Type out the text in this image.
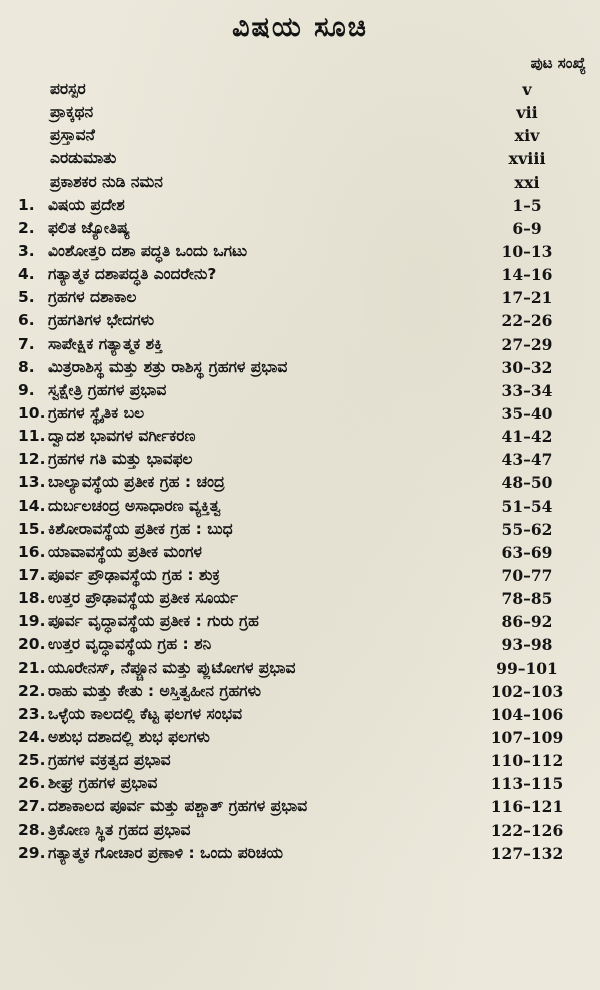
ವಿಷಯ ಸೂಚಿ
ಪುಟ ಸಂಖ್ಯೆ
ಪರಸ್ಪರ	v
ಪ್ರಾಕ್ಕಥನ	vii
ಪ್ರಸ್ತಾವನೆ	xiv
ಎರಡುಮಾತು	xviii
ಪ್ರಕಾಶಕರ ನುಡಿ ನಮನ	xxi
1. ವಿಷಯ ಪ್ರದೇಶ	1–5
2. ಫಲಿತ ಜ್ಯೋತಿಷ್ಯ	6–9
3. ವಿಂಶೋತ್ತರಿ ದಶಾ ಪದ್ಧತಿ ಒಂದು ಒಗಟು	10–13
4. ಗತ್ಯಾತ್ಮಕ ದಶಾಪದ್ಧತಿ ಎಂದರೇನು?	14–16
5. ಗ್ರಹಗಳ ದಶಾಕಾಲ	17–21
6. ಗ್ರಹಗತಿಗಳ ಭೇದಗಳು	22–26
7. ಸಾಪೇಕ್ಷಿಕ ಗತ್ಯಾತ್ಮಕ ಶಕ್ತಿ	27–29
8. ಮಿತ್ರರಾಶಿಸ್ಥ ಮತ್ತು ಶತ್ರು ರಾಶಿಸ್ಥ ಗ್ರಹಗಳ ಪ್ರಭಾವ	30–32
9. ಸ್ವಕ್ಷೇತ್ರಿ ಗ್ರಹಗಳ ಪ್ರಭಾವ	33–34
10. ಗ್ರಹಗಳ ಸ್ಥೈತಿಕ ಬಲ	35–40
11. ದ್ವಾದಶ ಭಾವಗಳ ವರ್ಗೀಕರಣ	41–42
12. ಗ್ರಹಗಳ ಗತಿ ಮತ್ತು ಭಾವಫಲ	43–47
13. ಬಾಲ್ಯಾವಸ್ಥೆಯ ಪ್ರತೀಕ ಗ್ರಹ : ಚಂದ್ರ	48–50
14. ದುರ್ಬಲಚಂದ್ರ ಅಸಾಧಾರಣ ವ್ಯಕ್ತಿತ್ವ	51–54
15. ಕಿಶೋರಾವಸ್ಥೆಯ ಪ್ರತೀಕ ಗ್ರಹ : ಬುಧ	55–62
16. ಯಾವಾವಸ್ಥೆಯ ಪ್ರತೀಕ ಮಂಗಳ	63–69
17. ಪೂರ್ವ ಪ್ರೌಢಾವಸ್ಥೆಯ ಗ್ರಹ : ಶುಕ್ರ	70–77
18. ಉತ್ತರ ಪ್ರೌಢಾವಸ್ಥೆಯ ಪ್ರತೀಕ ಸೂರ್ಯ	78–85
19. ಪೂರ್ವ ವೃದ್ಧಾವಸ್ಥೆಯ ಪ್ರತೀಕ : ಗುರು ಗ್ರಹ	86–92
20. ಉತ್ತರ ವೃದ್ಧಾವಸ್ಥೆಯ ಗ್ರಹ : ಶನಿ	93–98
21. ಯೂರೇನಸ್, ನೆಪ್ಚೂನ ಮತ್ತು ಪ್ಲುಟೋಗಳ ಪ್ರಭಾವ	99–101
22. ರಾಹು ಮತ್ತು ಕೇತು : ಅಸ್ತಿತ್ವಹೀನ ಗ್ರಹಗಳು	102–103
23. ಒಳ್ಳೆಯ ಕಾಲದಲ್ಲಿ ಕೆಟ್ಟ ಫಲಗಳ ಸಂಭವ	104–106
24. ಅಶುಭ ದಶಾದಲ್ಲಿ ಶುಭ ಫಲಗಳು	107–109
25. ಗ್ರಹಗಳ ವಕ್ರತ್ವದ ಪ್ರಭಾವ	110–112
26. ಶೀಘ್ರ ಗ್ರಹಗಳ ಪ್ರಭಾವ	113–115
27. ದಶಾಕಾಲದ ಪೂರ್ವ ಮತ್ತು ಪಶ್ಚಾತ್ ಗ್ರಹಗಳ ಪ್ರಭಾವ	116–121
28. ತ್ರಿಕೋಣ ಸ್ಥಿತ ಗ್ರಹದ ಪ್ರಭಾವ	122–126
29. ಗತ್ಯಾತ್ಮಕ ಗೋಚಾರ ಪ್ರಣಾಳಿ : ಒಂದು ಪರಿಚಯ	127–132
